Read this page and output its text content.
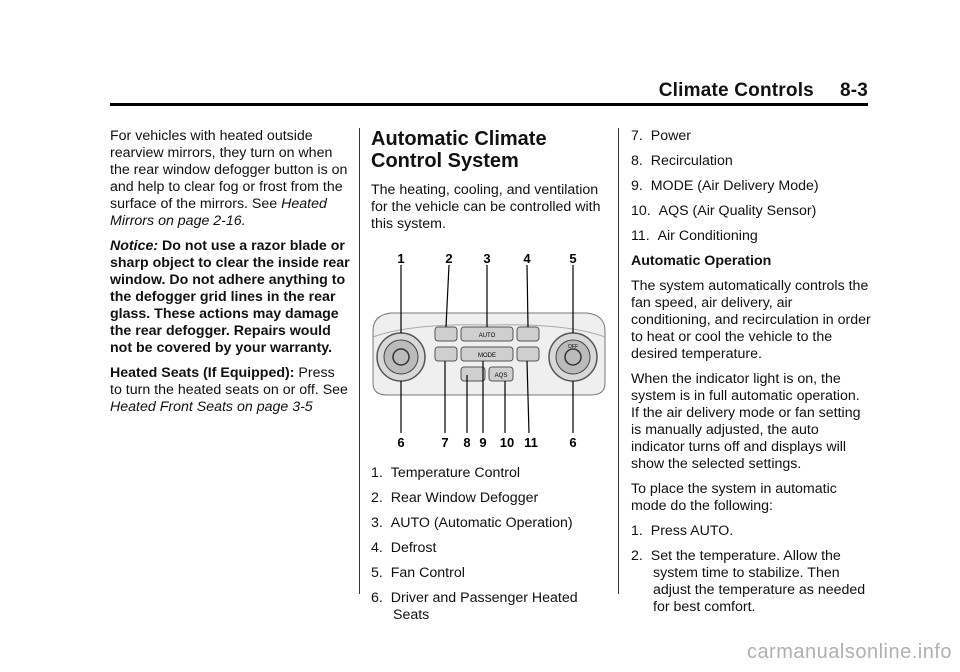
Climate Controls 8-3

For vehicles with heated outside rearview mirrors, they turn on when the rear window defogger button is on and help to clear fog or frost from the surface of the mirrors. See Heated Mirrors on page 2-16.

Notice: Do not use a razor blade or sharp object to clear the inside rear window. Do not adhere anything to the defogger grid lines in the rear glass. These actions may damage the rear defogger. Repairs would not be covered by your warranty.

Heated Seats (If Equipped): Press to turn the heated seats on or off. See Heated Front Seats on page 3-5

Automatic Climate Control System

The heating, cooling, and ventilation for the vehicle can be controlled with this system.

AUTO
MODE
AQS
OFF
1	2 3	4	5
6	7 8 9 10 11 6
1. Temperature Control
2. Rear Window Defogger
3. AUTO (Automatic Operation)
4. Defrost
5. Fan Control
6. Driver and Passenger Heated Seats
7. Power
8. Recirculation
9. MODE (Air Delivery Mode)
10. AQS (Air Quality Sensor)
11. Air Conditioning

Automatic Operation

The system automatically controls the fan speed, air delivery, air conditioning, and recirculation in order to heat or cool the vehicle to the desired temperature.

When the indicator light is on, the system is in full automatic operation. If the air delivery mode or fan setting is manually adjusted, the auto indicator turns off and displays will show the selected settings.

To place the system in automatic mode do the following:

1. Press AUTO.
2. Set the temperature. Allow the system time to stabilize. Then adjust the temperature as needed for best comfort.
carmanualsonline.info
